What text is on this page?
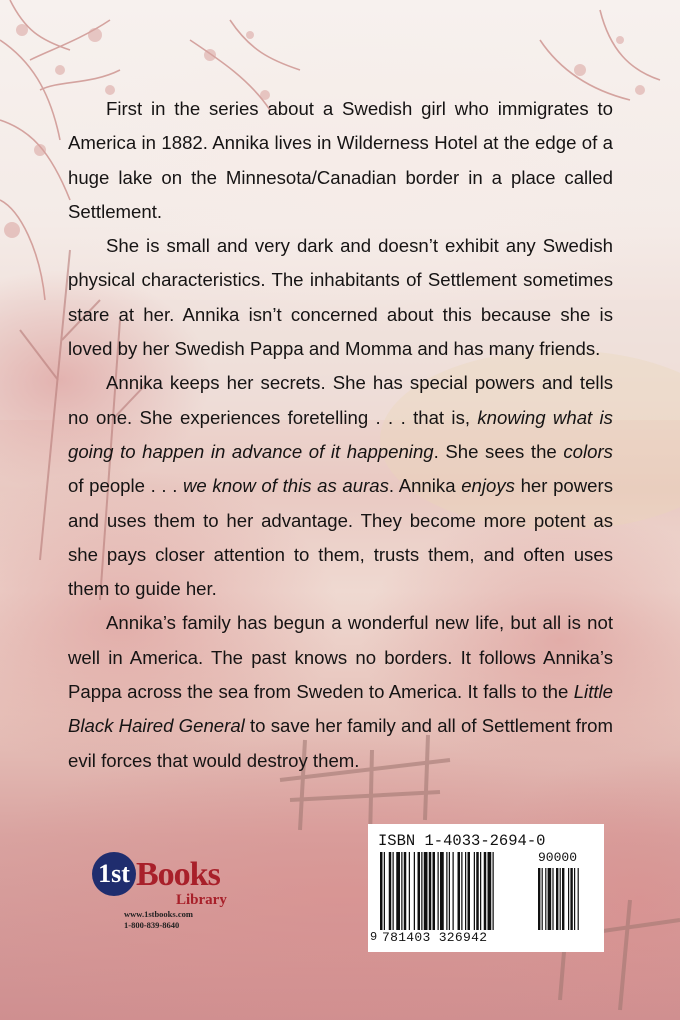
First in the series about a Swedish girl who immigrates to America in 1882. Annika lives in Wilderness Hotel at the edge of a huge lake on the Minnesota/Canadian border in a place called Settlement.

She is small and very dark and doesn’t exhibit any Swedish physical characteristics. The inhabitants of Settlement sometimes stare at her. Annika isn’t concerned about this because she is loved by her Swedish Pappa and Momma and has many friends.

Annika keeps her secrets. She has special powers and tells no one. She experiences foretelling . . . that is, knowing what is going to happen in advance of it happening. She sees the colors of people . . . we know of this as auras. Annika enjoys her powers and uses them to her advantage. They become more potent as she pays closer attention to them, trusts them, and often uses them to guide her.

Annika’s family has begun a wonderful new life, but all is not well in America. The past knows no borders. It follows Annika’s Pappa across the sea from Sweden to America. It falls to the Little Black Haired General to save her family and all of Settlement from evil forces that would destroy them.

1st Books
Library
www.1stbooks.com
1-800-839-8640
ISBN 1-4033-2694-0
90000
9 781403 326942
